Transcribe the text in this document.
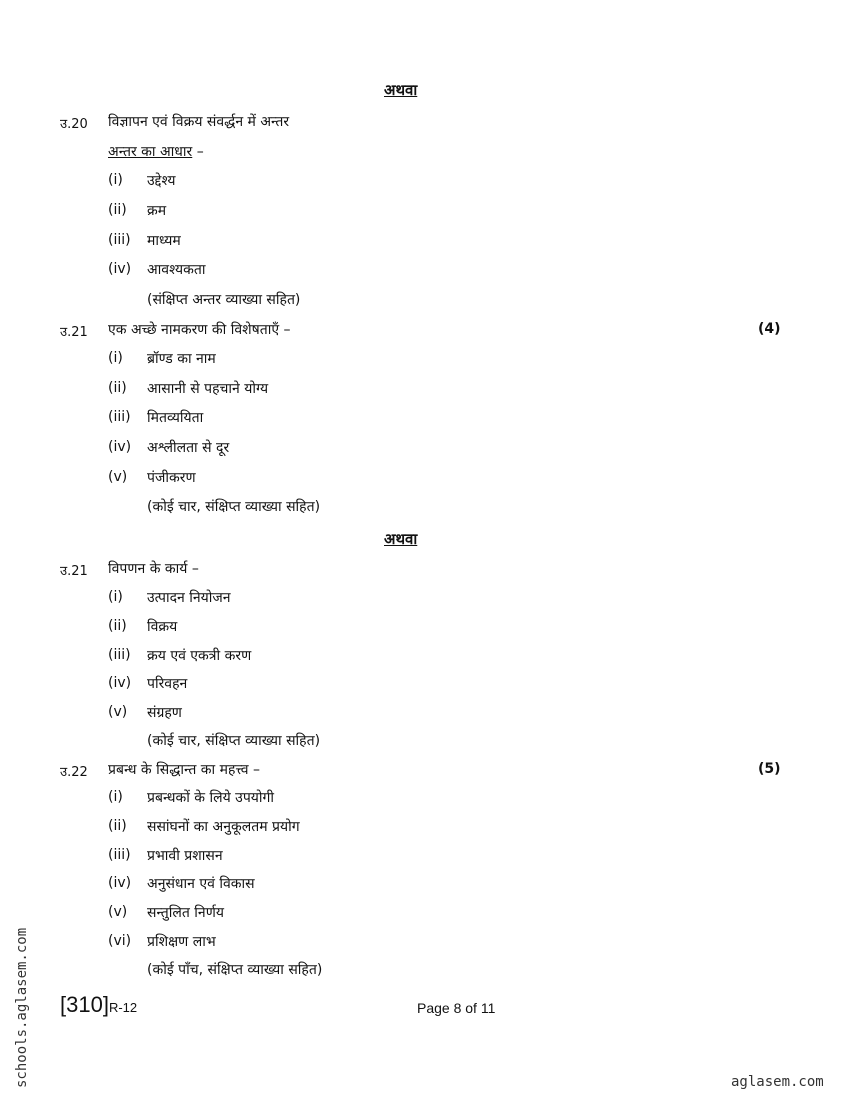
अथवा
उ.20 विज्ञापन एवं विक्रय संवर्द्धन में अन्तर
अन्तर का आधार –
(i) उद्देश्य
(ii) क्रम
(iii) माध्यम
(iv) आवश्यकता
(संक्षिप्त अन्तर व्याख्या सहित)
उ.21 एक अच्छे नामकरण की विशेषताएँ –	(4)
(i) ब्रॉण्ड का नाम
(ii) आसानी से पहचाने योग्य
(iii) मितव्ययिता
(iv) अश्लीलता से दूर
(v) पंजीकरण
(कोई चार, संक्षिप्त व्याख्या सहित)
अथवा
उ.21 विपणन के कार्य –
(i) उत्पादन नियोजन
(ii) विक्रय
(iii) क्रय एवं एकत्री करण
(iv) परिवहन
(v) संग्रहण
(कोई चार, संक्षिप्त व्याख्या सहित)
उ.22 प्रबन्ध के सिद्धान्त का महत्त्व –	(5)
(i) प्रबन्धकों के लिये उपयोगी
(ii) ससांघनों का अनुकूलतम प्रयोग
(iii) प्रभावी प्रशासन
(iv) अनुसंधान एवं विकास
(v) सन्तुलित निर्णय
(vi) प्रशिक्षण लाभ
(कोई पाँच, संक्षिप्त व्याख्या सहित)
[310]R-12	Page 8 of 11
schools.aglasem.com	aglasem.com
